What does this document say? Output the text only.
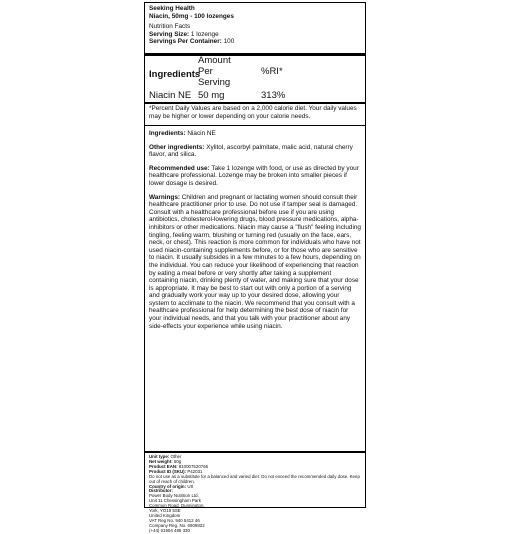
Seeking Health
Niacin, 50mg - 100 lozenges
Nutrition Facts
Serving Size: 1 lozenge
Servings Per Container: 100
Ingredients
Amount
Per
Serving
%RI*
Niacin NE 50 mg	313%
*Percent Daily Values are based on a 2,000 calorie diet. Your daily values may be higher or lower depending on your calorie needs.

Ingredients: Niacin NE

Other ingredients: Xylitol, ascorbyl palmitate, malic acid, natural cherry flavor, and silica.

Recommended use: Take 1 lozenge with food, or use as directed by your healthcare professional. Lozenge may be broken into smaller pieces if lower dosage is desired.

Warnings: Children and pregnant or lactating women should consult their healthcare practitioner prior to use. Do not use if tamper seal is damaged. Consult with a healthcare professional before use if you are using antibiotics, cholesterol-lowering drugs, blood pressure medications, alpha-inhibitors or other medications. Niacin may cause a "flush" feeling including tingling, feeling warm, blushing or turning red (usually on the face, ears, neck, or chest). This reaction is more common for individuals who have not used niacin-containing supplements before, or for those who are sensitive to niacin. It usually subsides in a few minutes to a few hours, depending on the individual. You can reduce your likelihood of experiencing that reaction by eating a meal before or very shortly after taking a supplement containing niacin, drinking plenty of water, and making sure that your dose is appropriate. It may be best to start out with only a portion of a serving and gradually work your way up to your desired dose, allowing your system to acclimate to the niacin. We recommend that you consult with a healthcare professional for help determining the best dose of niacin for your individual needs, and that you talk with your practitioner about any side-effects your experience while using niacin.

Unit type: Other
Net weight: 50g
Product EAN: 810007520766
Product ID (SKU): P42031
Do not use as a substitute for a balanced and varied diet. Do not exceed the recommended daily dose. Keep out of reach of children.
Country of origin: US
Distributor:
Power Body Nutrition Ltd.
Unit 11 Chessingham Park
Common Road, Dunnington,
York, YO19 5SE
United Kingdom
VAT Reg No. 940 5412 46
Company Reg. No. 6909822
(+44) 01904 486 330
